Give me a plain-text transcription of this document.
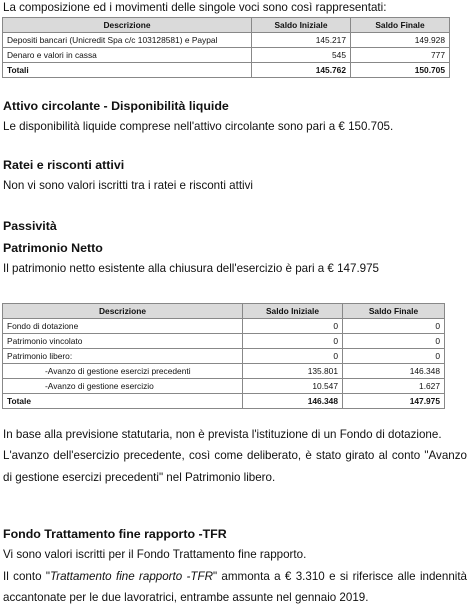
La composizione ed i movimenti delle singole voci sono così rappresentati:
Descrizione	Saldo Iniziale	Saldo Finale
Depositi bancari (Unicredit Spa c/c 103128581) e Paypal	145.217	149.928
Denaro e valori in cassa	545	777
Totali	145.762	150.705
Attivo circolante - Disponibilità liquide
Le disponibilità liquide comprese nell'attivo circolante sono pari a € 150.705.
Ratei e risconti attivi
Non vi sono valori iscritti tra i ratei e risconti attivi
Passività
Patrimonio Netto
Il patrimonio netto esistente alla chiusura dell'esercizio è pari a € 147.975
Descrizione	Saldo Iniziale	Saldo Finale
Fondo di dotazione	0	0
Patrimonio vincolato	0	0
Patrimonio libero:	0	0
-Avanzo di gestione esercizi precedenti	135.801	146.348
-Avanzo di gestione esercizio	10.547	1.627
Totale	146.348	147.975
In base alla previsione statutaria, non è prevista l'istituzione di un Fondo di dotazione.
L'avanzo dell'esercizio precedente, così come deliberato, è stato girato al conto "Avanzo
di gestione esercizi precedenti" nel Patrimonio libero.
Fondo Trattamento fine rapporto -TFR
Vi sono valori iscritti per il Fondo Trattamento fine rapporto.
Il conto "Trattamento fine rapporto -TFR" ammonta a € 3.310 e si riferisce alle indennità
accantonate per le due lavoratrici, entrambe assunte nel gennaio 2019.
